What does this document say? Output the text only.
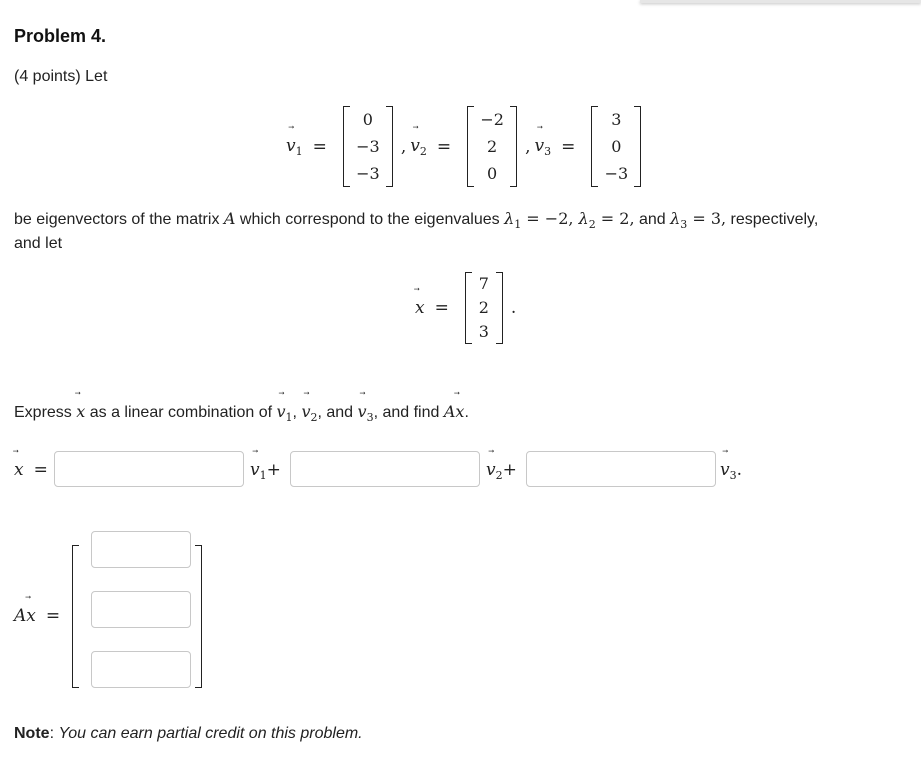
Problem 4.
(4 points) Let
$v_1$ =
0
−3
−3
, $v_2$ =
−2
2
0
, $v_3$ =
3
0
−3
be eigenvectors of the matrix A which correspond to the eigenvalues $\lambda_1 = -2$, $\lambda_2 = 2$, and $\lambda_3 = 3$, respectively,
and let
x =
7
2
3
.
Express
x as a linear combination of
$v_1$,
$v_2$, and
$v_3$, and find A
x.
x =	$v_1+$	$v_2+$	$v_3$.
A
x =
Note: You can earn partial credit on this problem.
